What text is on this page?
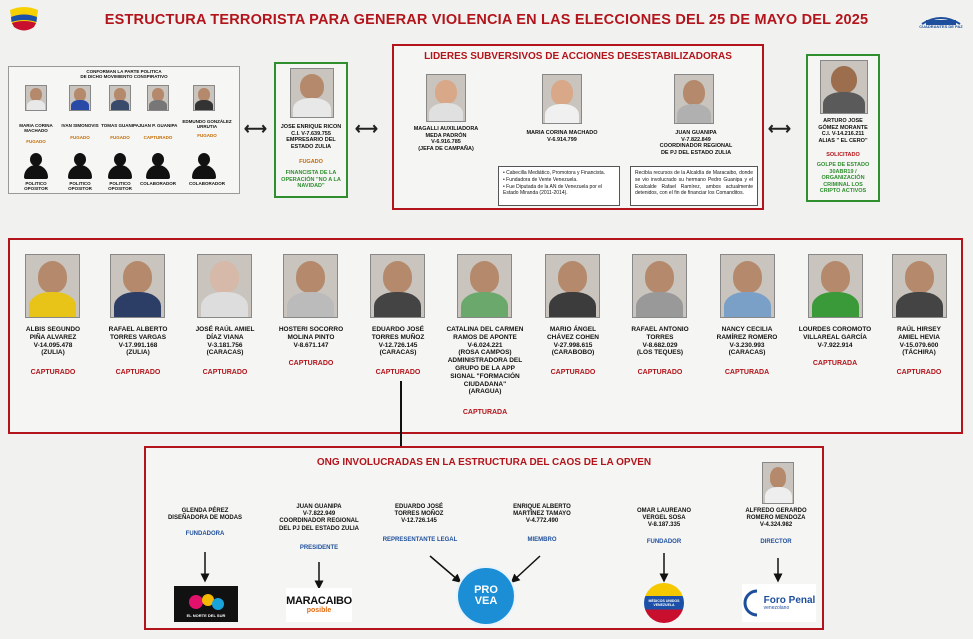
ESTRUCTURA TERRORISTA PARA GENERAR VIOLENCIA EN LAS ELECCIONES DEL 25 DE MAYO DEL 2025	CUADRANTES DE PAZ
CONFORMAN LA PARTE POLITICA
DE DICHO MOVIMIENTO CONSPIRATIVO
MARIA CORINA
MACHADO
IVAN SIMONOVIS TOMAS GUANIPA JUAN P. GUANIPA
EDMUNDO GONZÁLEZ
URRUTIA
FUGADO
FUGADO	FUGADO	CAPTURADO	FUGADO
POLITICO OPOSITOR
POLITICO OPOSITOR
POLITICO OPOSITOR
COLABORADOR	COLABORADOR
⟷	JOSE ENRIQUE RICON
C.I. V-7.639.755
EMPRESARIO DEL
ESTADO ZULIA
FUGADO
FINANCISTA DE LA
OPERACIÓN "NO A LA
NAVIDAD"
⟷
LIDERES SUBVERSIVOS DE ACCIONES DESESTABILIZADORAS
MAGALLI AUXILIADORA
MEDA PADRÓN
V-6.916.785
(JEFA DE CAMPAÑA)
MARIA CORINA MACHADO
V-6.914.799
JUAN GUANIPA
V-7.822.849
COORDINADOR REGIONAL
DE PJ DEL ESTADO ZULIA
• Cabecilla Mediático, Promotora y Financista.
• Fundadora de Vente Venezuela.
• Fue Diputada de la AN de Venezuela por el Estado Miranda (2011-2014).
Recibía recursos de la Alcaldía de Maracaibo, donde se vio involucrado su hermano Pedro Guanipa y el Exalcalde Rafael Ramírez, ambos actualmente detenidos, con el fin de financiar los Comanditos.
⟷	ARTURO JOSE
GÓMEZ MORANTE
C.I. V-14.216.211
ALIAS " EL CERO"
SOLICITADO
GOLPE DE ESTADO
30ABR19 /
ORGANIZACIÓN
CRIMINAL LOS
CRIPTO ACTIVOS
ALBIS SEGUNDO
PIÑA ALVAREZ
V-14.095.478
(ZULIA)
RAFAEL ALBERTO
TORRES VARGAS
V-17.991.168
(ZULIA)
JOSÉ RAÚL AMIEL
DÍAZ VIANA
V-3.181.756
(CARACAS)
HOSTERI SOCORRO
MOLINA PINTO
V-8.671.147
EDUARDO JOSÉ
TORRES MUÑOZ
V-12.726.145
(CARACAS)
CATALINA DEL CARMEN
RAMOS DE APONTE
V-6.024.221
(ROSA CAMPOS)
ADMINISTRADORA DEL
GRUPO DE LA APP
SIGNAL "FORMACIÓN
CIUDADANA"
(ARAGUA)
MARIO ÁNGEL
CHÁVEZ COHEN
V-27.998.615
(CARABOBO)
RAFAEL ANTONIO
TORRES
V-8.682.029
(LOS TEQUES)
NANCY CECILIA
RAMÍREZ ROMERO
V-3.230.993
(CARACAS)
LOURDES COROMOTO
VILLAREAL GARCÍA
V-7.922.914
RAÚL HIRSEY
AMIEL HEVIA
V-15.079.600
(TÁCHIRA)
CAPTURADO	CAPTURADO	CAPTURADO
CAPTURADO
CAPTURADO
CAPTURADA
CAPTURADO	CAPTURADO	CAPTURADA
CAPTURADA
CAPTURADO
ONG INVOLUCRADAS EN LA ESTRUCTURA DEL CAOS DE LA OPVEN
GLENDA PÉREZ
DISEÑADORA DE MODAS
JUAN GUANIPA
V-7.822.949
COORDINADOR REGIONAL
DEL PJ DEL ESTADO ZULIA
EDUARDO JOSÉ
TORRES MOÑOZ
V-12.726.145
ENRIQUE ALBERTO
MARTÍNEZ TAMAYO
V-4.772.490
OMAR LAUREANO
VERGEL SOSA
V-8.187.335
ALFREDO GERARDO
ROMERO MENDOZA
V-4.324.982
FUNDADORA
PRESIDENTE
REPRESENTANTE LEGAL	MIEMBRO	FUNDADOR	DIRECTOR
EL NORTE DEL SUR
MARACAIBO
posible
PRO
VEA	MÉDICOS UNIDOS
VENEZUELA	Foro Penal
venezolano
